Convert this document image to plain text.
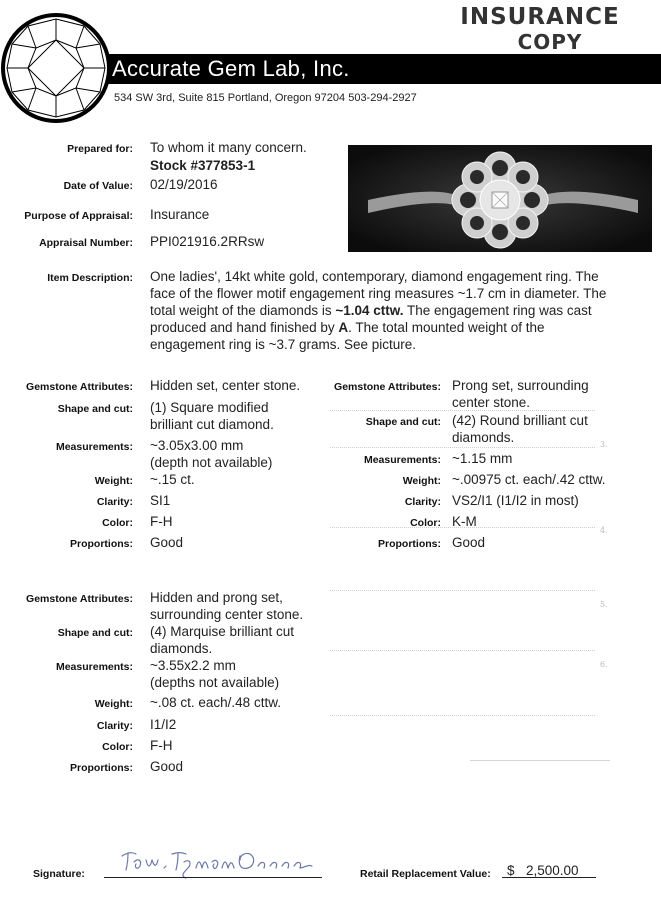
INSURANCE
COPY
Accurate Gem Lab, Inc.
534 SW 3rd, Suite 815 Portland, Oregon 97204 503-294-2927
3.
4.
5.
6.
Prepared for: To whom it many concern.
Stock #377853-1
Date of Value: 02/19/2016
Purpose of Appraisal: Insurance
Appraisal Number: PPI021916.2RRsw
Item Description: One ladies', 14kt white gold, contemporary, diamond engagement ring. The face of the flower motif engagement ring measures ~1.7 cm in diameter. The total weight of the diamonds is ~1.04 cttw. The engagement ring was cast produced and hand finished by A. The total mounted weight of the engagement ring is ~3.7 grams. See picture.
Gemstone Attributes: Hidden set, center stone.
Shape and cut: (1) Square modified
brilliant cut diamond.
Measurements: ~3.05x3.00 mm
(depth not available)
Weight: ~.15 ct.
Clarity: SI1
Color: F-H
Proportions: Good
Gemstone Attributes: Prong set, surrounding
center stone.
Shape and cut: (42) Round brilliant cut
diamonds.
Measurements: ~1.15 mm
Weight: ~.00975 ct. each/.42 cttw.
Clarity: VS2/I1 (I1/I2 in most)
Color: K-M
Proportions: Good
Gemstone Attributes: Hidden and prong set,
surrounding center stone.
Shape and cut: (4) Marquise brilliant cut
diamonds.
Measurements: ~3.55x2.2 mm
(depths not available)
Weight: ~.08 ct. each/.48 cttw.
Clarity: I1/I2
Color: F-H
Proportions: Good
Signature:	Retail Replacement Value: $ 2,500.00
